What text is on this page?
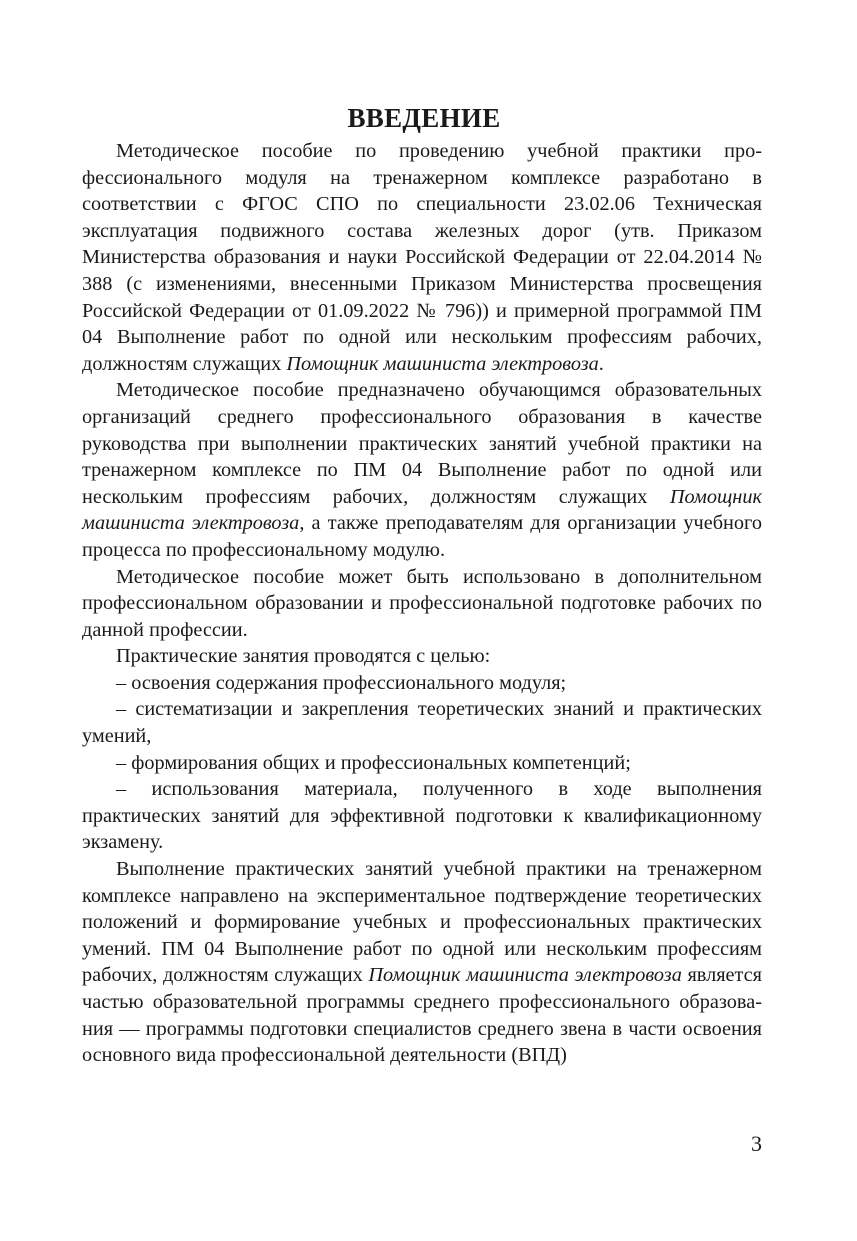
ВВЕДЕНИЕ

Методическое пособие по проведению учебной практики профессионального модуля на тренажерном комплексе разработано в соответствии с ФГОС СПО по специальности 23.02.06 Техническая эксплуатация подвижного состава железных дорог (утв. Приказом Министерства образования и науки Российской Федерации от 22.04.2014 № 388 (с изменениями, внесенными Приказом Министерства просвещения Российской Федерации от 01.09.2022 № 796)) и примерной программой ПМ 04 Выполнение работ по одной или нескольким профессиям рабочих, должностям служащих Помощник машиниста электровоза.

Методическое пособие предназначено обучающимся образовательных организаций среднего профессионального образования в качестве руководства при выполнении практических занятий учебной практики на тренажерном комплексе по ПМ 04 Выполнение работ по одной или нескольким профессиям рабочих, должностям служащих Помощник машиниста электровоза, а также преподавателям для организации учебного процесса по профессиональному модулю.

Методическое пособие может быть использовано в дополнительном профессиональном образовании и профессиональной подготовке рабочих по данной профессии.

Практические занятия проводятся с целью:

– освоения содержания профессионального модуля;

– систематизации и закрепления теоретических знаний и практических умений,

– формирования общих и профессиональных компетенций;

– использования материала, полученного в ходе выполнения практических занятий для эффективной подготовки к квалификационному экзамену.

Выполнение практических занятий учебной практики на тренажерном комплексе направлено на экспериментальное подтверждение теоретических положений и формирование учебных и профессиональных практических умений. ПМ 04 Выполнение работ по одной или нескольким профессиям рабочих, должностям служащих Помощник машиниста электровоза является частью образовательной программы среднего профессионального образования — программы подготовки специалистов среднего звена в части освоения основного вида профессиональной деятельности (ВПД)

3
